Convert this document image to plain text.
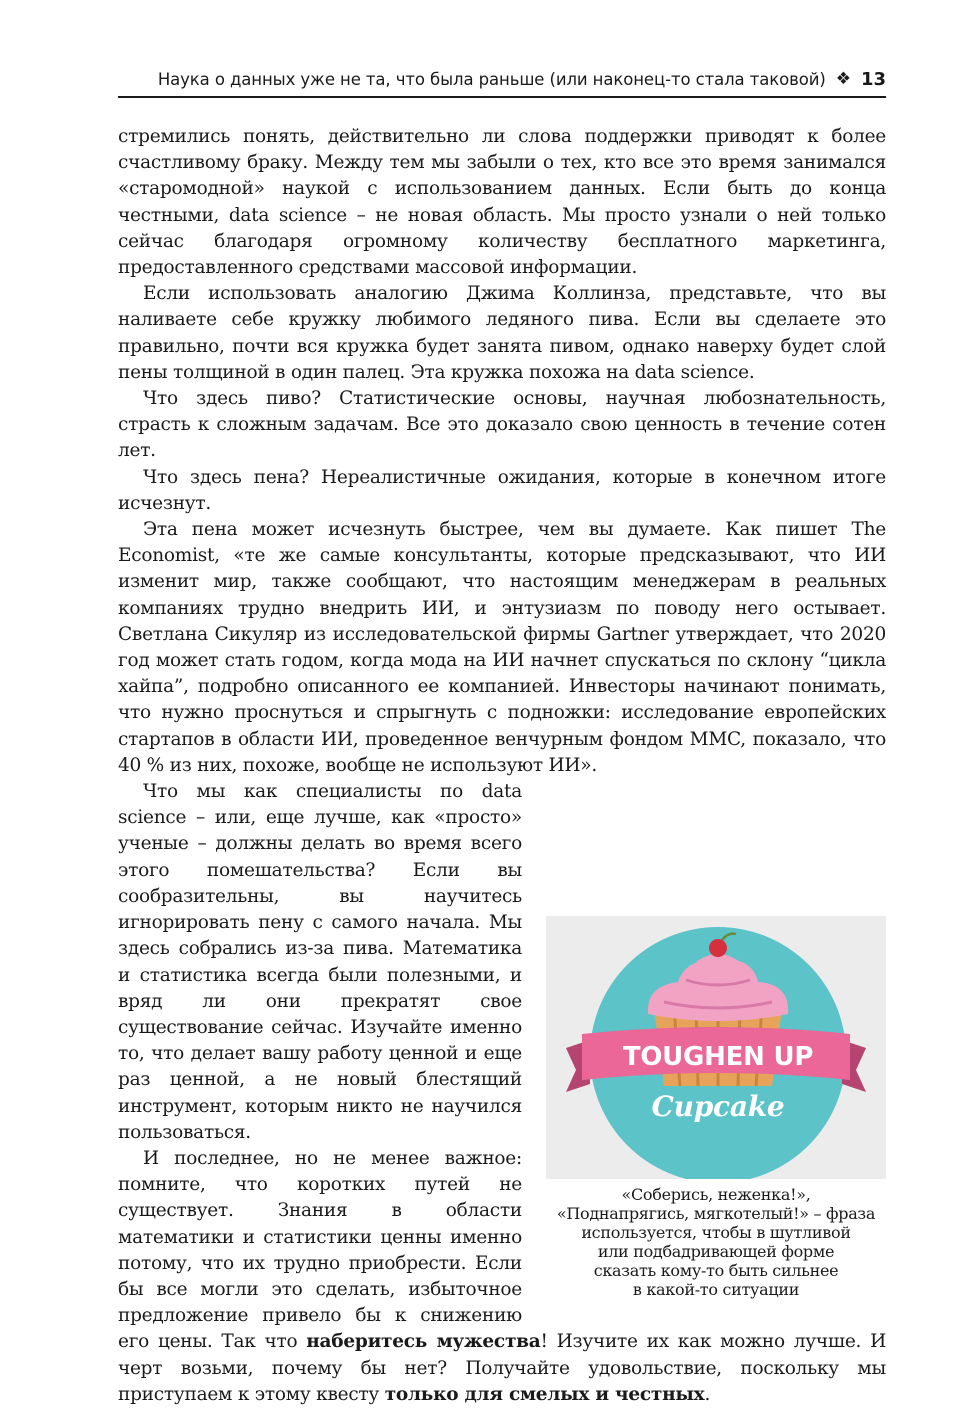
Наука о данных уже не та, что была раньше (или наконец-то стала таковой) ❖ 13

стремились понять, действительно ли слова поддержки приводят к более счастливому браку. Между тем мы забыли о тех, кто все это время занимался «старомодной» наукой с использованием данных. Если быть до конца честными, data science – не новая область. Мы просто узнали о ней только сейчас благодаря огромному количеству бесплатного маркетинга, предоставленного средствами массовой информации.

Если использовать аналогию Джима Коллинза, представьте, что вы наливаете себе кружку любимого ледяного пива. Если вы сделаете это правильно, почти вся кружка будет занята пивом, однако наверху будет слой пены толщиной в один палец. Эта кружка похожа на data science.

Что здесь пиво? Статистические основы, научная любознательность, страсть к сложным задачам. Все это доказало свою ценность в течение сотен лет.

Что здесь пена? Нереалистичные ожидания, которые в конечном итоге исчезнут.

Эта пена может исчезнуть быстрее, чем вы думаете. Как пишет The Economist, «те же самые консультанты, которые предсказывают, что ИИ изменит мир, также сообщают, что настоящим менеджерам в реальных компаниях трудно внедрить ИИ, и энтузиазм по поводу него остывает. Светлана Сикуляр из исследовательской фирмы Gartner утверждает, что 2020 год может стать годом, когда мода на ИИ начнет спускаться по склону “цикла хайпа”, подробно описанного ее компанией. Инвесторы начинают понимать, что нужно проснуться и спрыгнуть с подножки: исследование европейских стартапов в области ИИ, проведенное венчурным фондом MMC, показало, что 40 % из них, похоже, вообще не используют ИИ».

TOUGHEN UP
Cupcake
«Соберись, неженка!»,
«Поднапрягись, мягкотелый!» – фраза
используется, чтобы в шутливой
или подбадривающей форме
сказать кому-то быть сильнее
в какой-то ситуации

Что мы как специалисты по data science – или, еще лучше, как «просто» ученые – должны делать во время всего этого помешательства? Если вы сообразительны, вы научитесь игнорировать пену с самого начала. Мы здесь собрались из-за пива. Математика и статистика всегда были полезными, и вряд ли они прекратят свое существование сейчас. Изучайте именно то, что делает вашу работу ценной и еще раз ценной, а не новый блестящий инструмент, которым никто не научился пользоваться.

И последнее, но не менее важное: помните, что коротких путей не существует. Знания в области математики и статистики ценны именно потому, что их трудно приобрести. Если бы все могли это сделать, избыточное предложение привело бы к снижению его цены. Так что наберитесь мужества! Изучите их как можно лучше. И черт возьми, почему бы нет? Получайте удовольствие, поскольку мы приступаем к этому квесту только для смелых и честных.
